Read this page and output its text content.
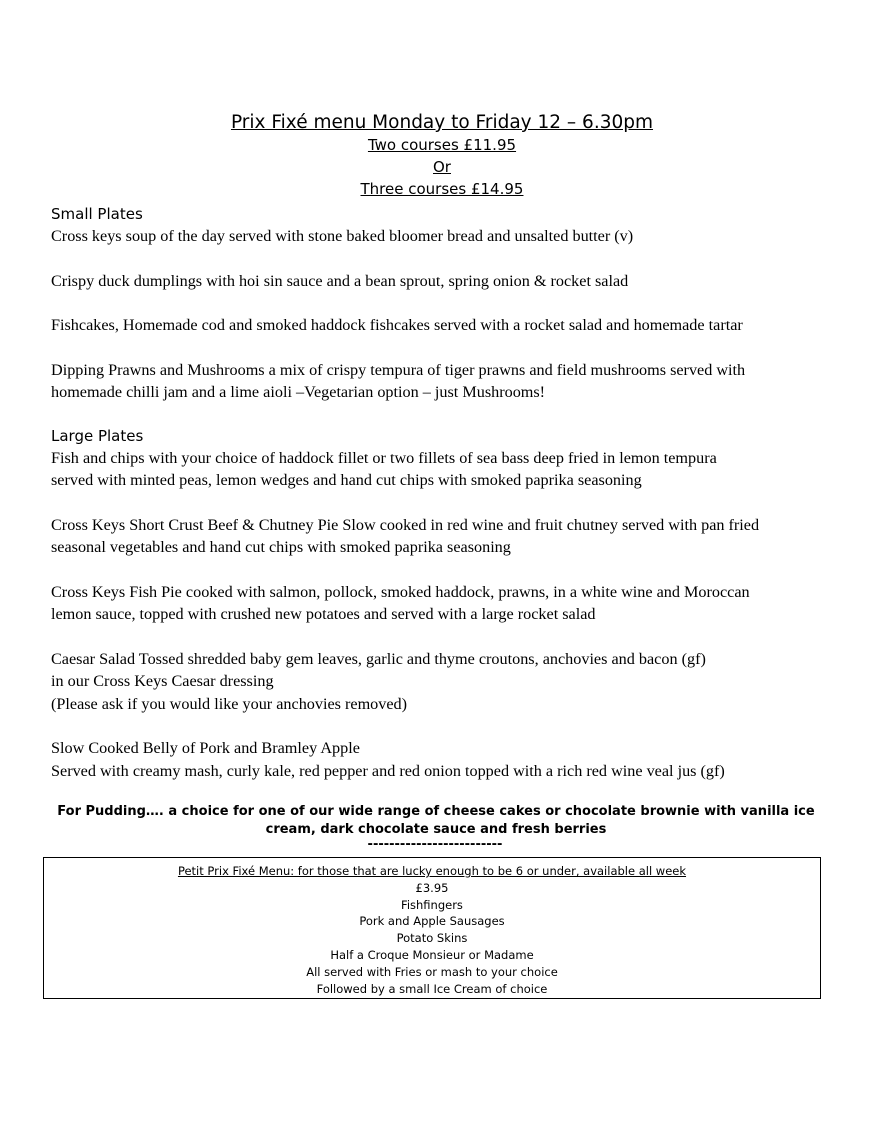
Prix Fixé menu Monday to Friday 12 – 6.30pm
Two courses £11.95
Or
Three courses £14.95
Small Plates
Cross keys soup of the day served with stone baked bloomer bread and unsalted butter (v)
Crispy duck dumplings with hoi sin sauce and a bean sprout, spring onion & rocket salad
Fishcakes, Homemade cod and smoked haddock fishcakes served with a rocket salad and homemade tartar
Dipping Prawns and Mushrooms a mix of crispy tempura of tiger prawns and field mushrooms served with
homemade chilli jam and a lime aioli –Vegetarian option – just Mushrooms!
Large Plates
Fish and chips with your choice of haddock fillet or two fillets of sea bass deep fried in lemon tempura
served with minted peas, lemon wedges and hand cut chips with smoked paprika seasoning
Cross Keys Short Crust Beef & Chutney Pie Slow cooked in red wine and fruit chutney served with pan fried
seasonal vegetables and hand cut chips with smoked paprika seasoning
Cross Keys Fish Pie cooked with salmon, pollock, smoked haddock, prawns, in a white wine and Moroccan
lemon sauce, topped with crushed new potatoes and served with a large rocket salad
Caesar Salad Tossed shredded baby gem leaves, garlic and thyme croutons, anchovies and bacon (gf)
in our Cross Keys Caesar dressing
(Please ask if you would like your anchovies removed)
Slow Cooked Belly of Pork and Bramley Apple
Served with creamy mash, curly kale, red pepper and red onion topped with a rich red wine veal jus (gf)
For Pudding…. a choice for one of our wide range of cheese cakes or chocolate brownie with vanilla ice cream, dark chocolate sauce and fresh berries
-------------------------
Petit Prix Fixé Menu: for those that are lucky enough to be 6 or under, available all week
£3.95
Fishfingers
Pork and Apple Sausages
Potato Skins
Half a Croque Monsieur or Madame
All served with Fries or mash to your choice
Followed by a small Ice Cream of choice
